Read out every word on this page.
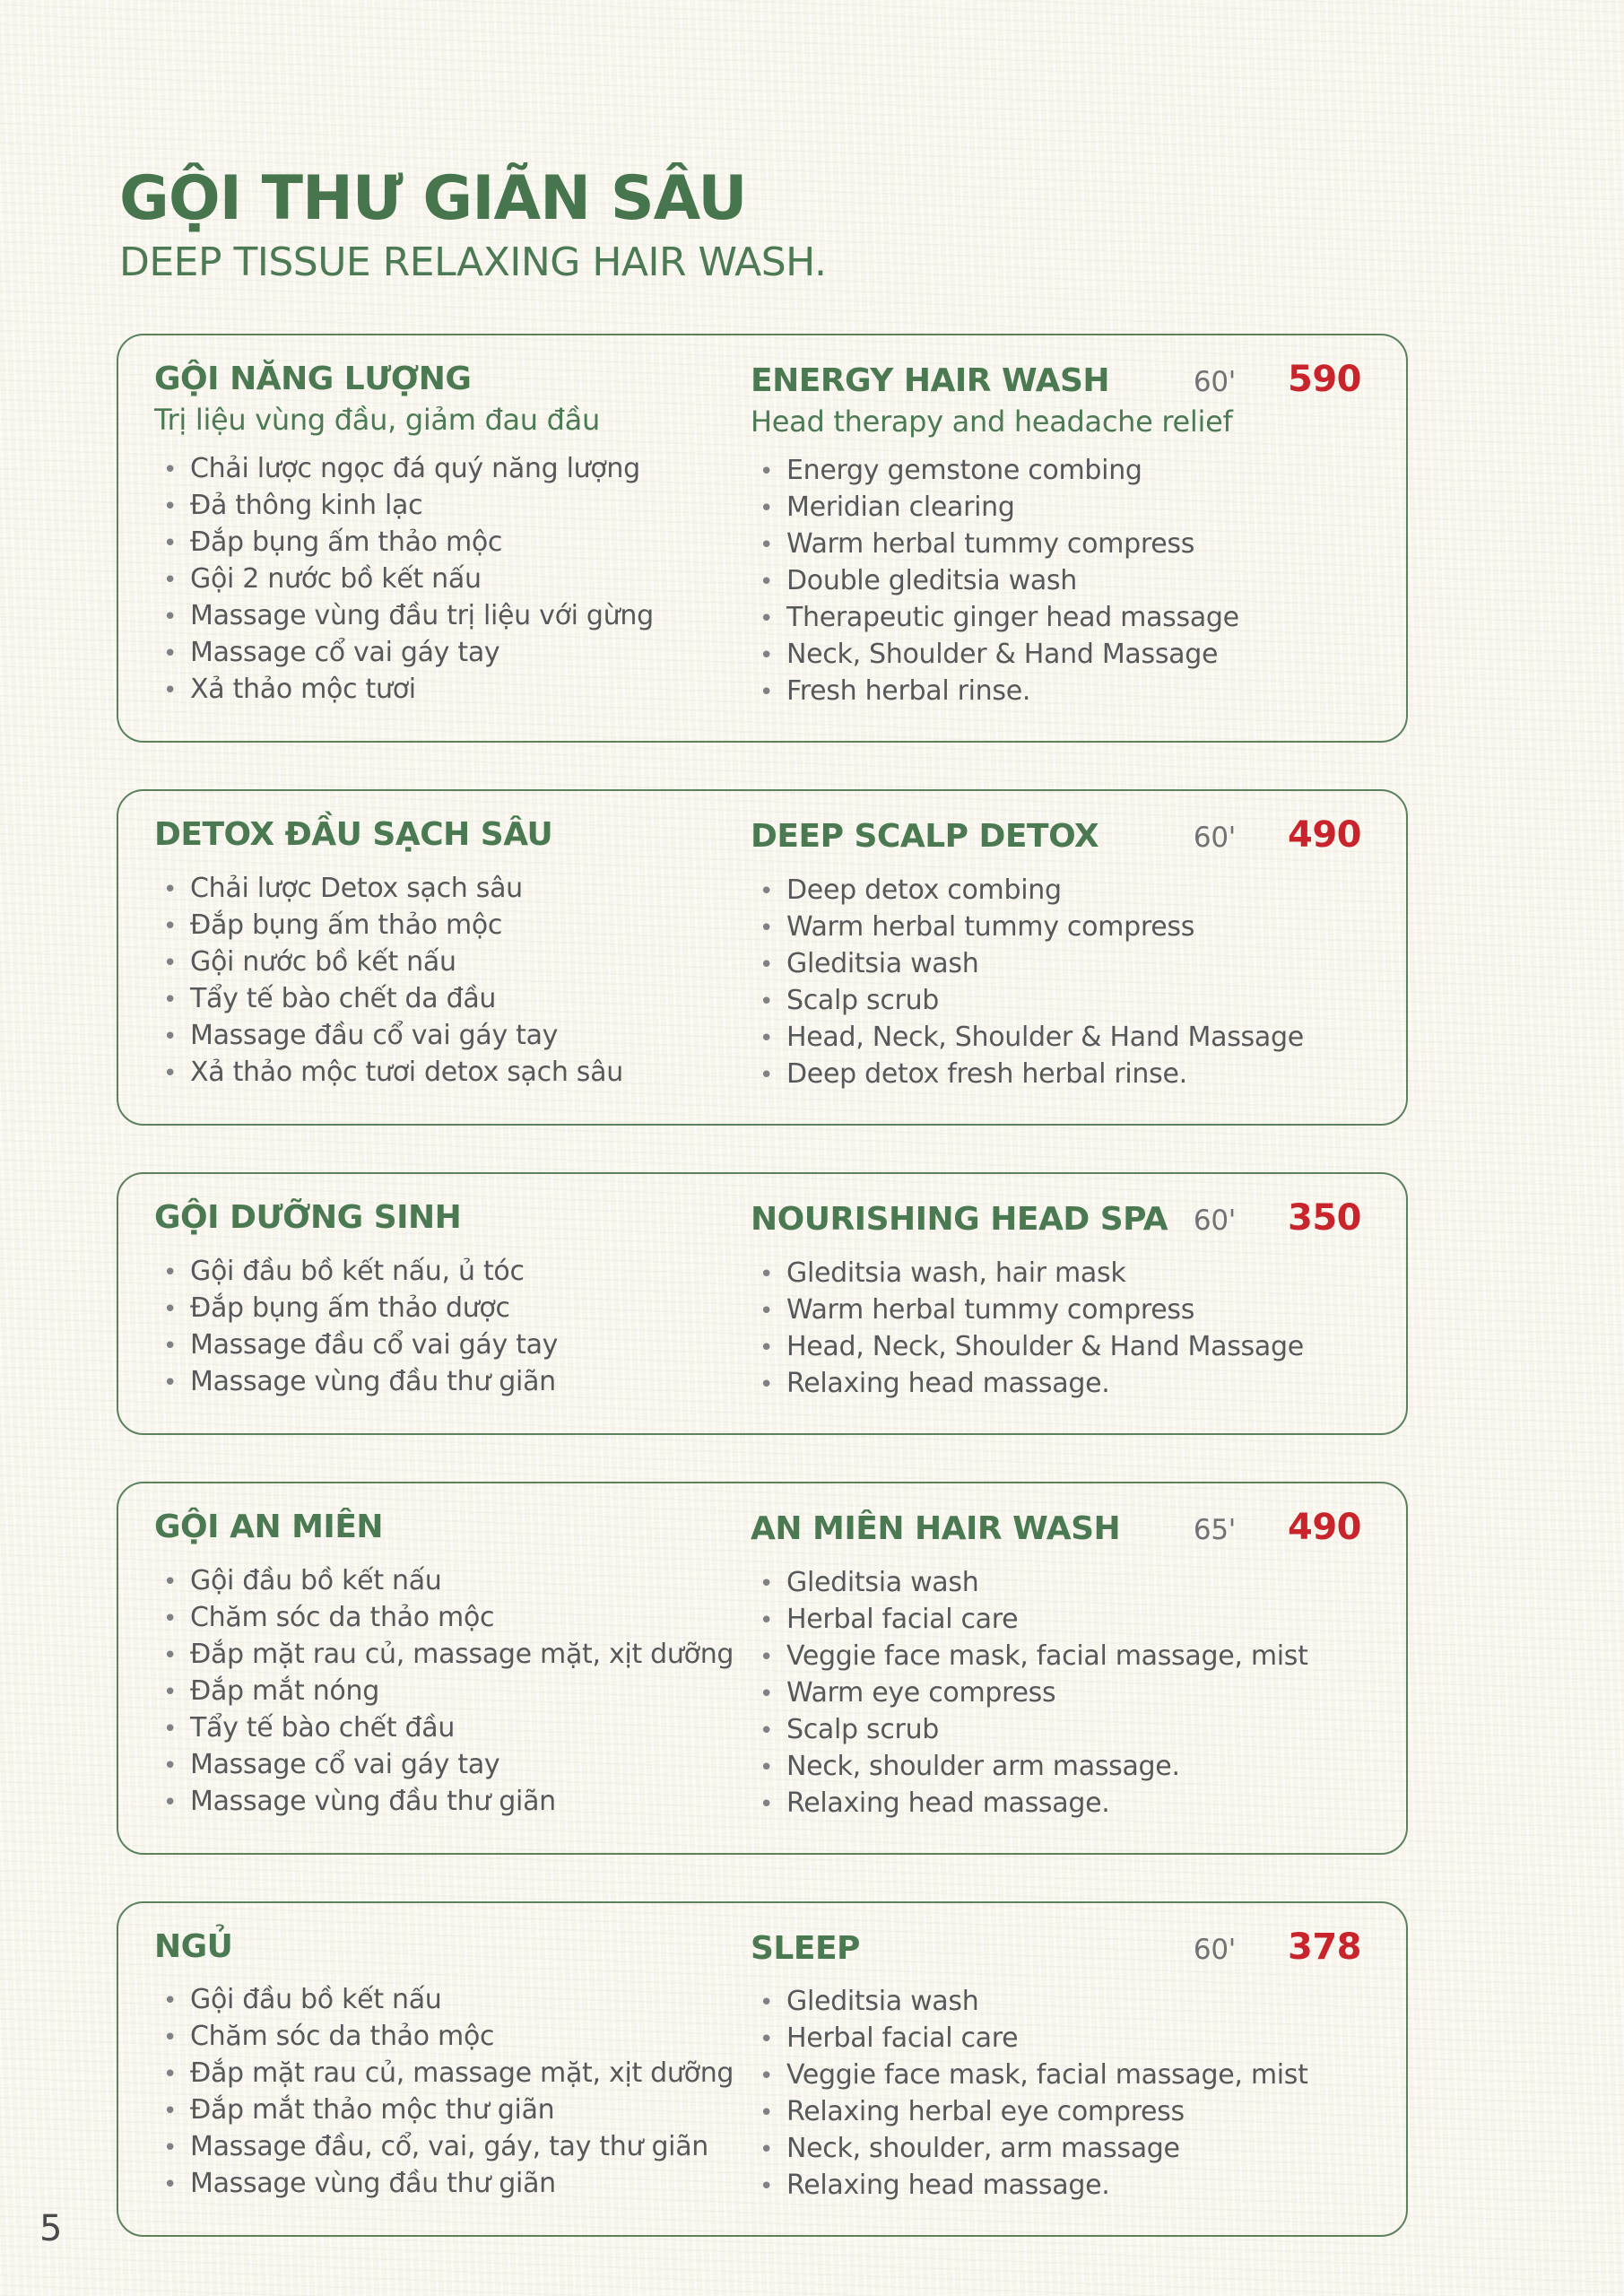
GỘI THƯ GIÃN SÂU
DEEP TISSUE RELAXING HAIR WASH.
GỘI NĂNG LƯỢNG
Trị liệu vùng đầu, giảm đau đầu
• Chải lược ngọc đá quý năng lượng
• Đả thông kinh lạc
• Đắp bụng ấm thảo mộc
• Gội 2 nước bồ kết nấu
• Massage vùng đầu trị liệu với gừng
• Massage cổ vai gáy tay
• Xả thảo mộc tươi
ENERGY HAIR WASH	60'	590
Head therapy and headache relief
• Energy gemstone combing
• Meridian clearing
• Warm herbal tummy compress
• Double gleditsia wash
• Therapeutic ginger head massage
• Neck, Shoulder & Hand Massage
• Fresh herbal rinse.
DETOX ĐẦU SẠCH SÂU
• Chải lược Detox sạch sâu
• Đắp bụng ấm thảo mộc
• Gội nước bồ kết nấu
• Tẩy tế bào chết da đầu
• Massage đầu cổ vai gáy tay
• Xả thảo mộc tươi detox sạch sâu
DEEP SCALP DETOX	60'	490
• Deep detox combing
• Warm herbal tummy compress
• Gleditsia wash
• Scalp scrub
• Head, Neck, Shoulder & Hand Massage
• Deep detox fresh herbal rinse.
GỘI DƯỠNG SINH
• Gội đầu bồ kết nấu, ủ tóc
• Đắp bụng ấm thảo dược
• Massage đầu cổ vai gáy tay
• Massage vùng đầu thư giãn
NOURISHING HEAD SPA 60'	350
• Gleditsia wash, hair mask
• Warm herbal tummy compress
• Head, Neck, Shoulder & Hand Massage
• Relaxing head massage.
GỘI AN MIÊN
• Gội đầu bồ kết nấu
• Chăm sóc da thảo mộc
• Đắp mặt rau củ, massage mặt, xịt dưỡng
• Đắp mắt nóng
• Tẩy tế bào chết đầu
• Massage cổ vai gáy tay
• Massage vùng đầu thư giãn
AN MIÊN HAIR WASH	65'	490
• Gleditsia wash
• Herbal facial care
• Veggie face mask, facial massage, mist
• Warm eye compress
• Scalp scrub
• Neck, shoulder arm massage.
• Relaxing head massage.
NGỦ
• Gội đầu bồ kết nấu
• Chăm sóc da thảo mộc
• Đắp mặt rau củ, massage mặt, xịt dưỡng
• Đắp mắt thảo mộc thư giãn
• Massage đầu, cổ, vai, gáy, tay thư giãn
• Massage vùng đầu thư giãn
SLEEP	60'	378
• Gleditsia wash
• Herbal facial care
• Veggie face mask, facial massage, mist
• Relaxing herbal eye compress
• Neck, shoulder, arm massage
• Relaxing head massage.
5
